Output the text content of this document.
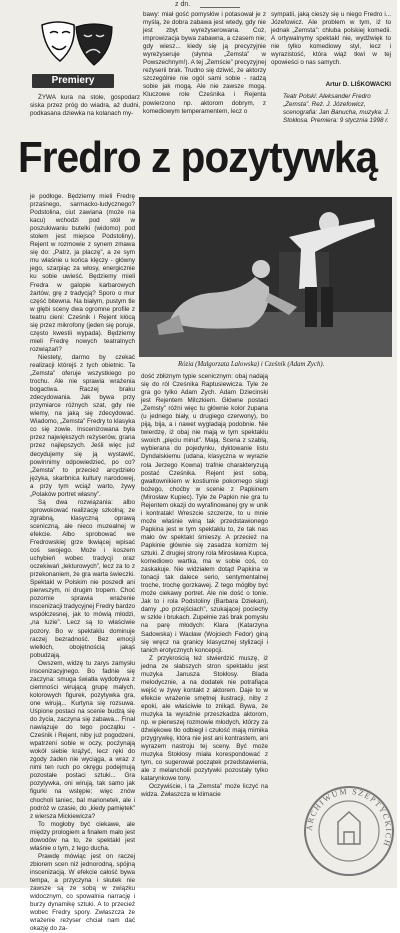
z dn.
Premiery

ŻYWA kura na stole, gospodarz siska przez próg do wiadra, aż dudni, podkasana dziewka na kolanach my-

bawy: miał gość pomysłów i potasował je z myślą, że dobra zabawa jest wtedy, gdy nie jest zbyt wyreżyserowana. Coż, improwizacja bywa zabawna, a czasem nie; gdy wiesz... kiedy się ją precyzyjnie wyreżyseruje (słynna „Zemsta” w Powszechnym!). A tej „Zemście” precyzyjnej reżyserii brak. Trudno się dziwić, że aktorzy szczególnie nie ogól sami sobie - radzą sobie jak mogą. Ale nie zawsze mogą. Kluczowe role Cześnika i Rejenta powierzono np. aktorom dobrym, z komediowym temperamentem, lecz o

sympatii, jaką cieszy się u niego Fredro i... Józefowicz. Ale problem w tym, iż to jednak „Zemsta”: chluba polskiej komedii. A ortywalnymy spektakl nie, wydźwięk to nie tylko komediowy styl, lecz i wyrazistość, która wiąż tkwi w tej opowieści o nas samych.

Artur D. LIŚKOWACKI
Teatr Polski: Aleksander Fredro „Zemsta”. Reż. J. Józefowicz, scenografia: Jan Banucha, muzyka: J. Stokłosa. Premiera: 9 stycznia 1998 r.
Fredro z pozytywką

je podłoge. Będziemy mieli Fredrę przaśnego, sarmacko-ludycznego? Podstolina, ciut zawiana (może na kacu) wchodzi pod stół w poszukiwaniu butelki (widomo) pod stołem jest miejsce Podstoliny), Rejent w rozmowie z synem zmawa się do: „Patrz, ja placzę”, a ze sym mu właśnie u końca klęczy - główny jego, szarpiąc za włosy, energicznie ku sobie uwieść. Będziemy mieli Fredra w galopie karbarowych żartów, grę z tradycją? Sporo o mur część bitewna. Na białym, pustym tle w głębi sceny dwa ogromne profile z teatru cieni: Cześnik i Rejent kłócą się przez mikrofony (jeden się poruje, często kwestii wypada). Będziemy mieli Fredrę nowych teatralnych rozwiązań?

Niestety, darmo by czekać realizacji którejś z tych obietnic. Ta „Zemsta” oferuje wszystkiego po trochu. Ale nie sprawia wrażenia bogactwa. Raczej braku zdecydowania. Jak bywa przy przymiarce różnych szat, gdy nie wiemy, na jaką się zdecydować. Wiadomo, „Zemsta” Fredry to klasyka co się zowie. Inscenizowana była przez największych reżyserów, grana przez najlepszych. Jeśli więc już decydujemy się ją wystawić, powinnimy odpowiedzieć, po co?„Zemsta” to przecież arcydzieło języka, skarbnica kultury narodowej, a przy tym wciąż warto, żywy „Polaków portret własny”.

Są dwa rozwiązania: albo sprowokować realizację szkolną; ze zgrabną, klasyczną oprawą sceniczną, ale nieco muzealnej w efekcie. Albo sprobować we Fredrowskiej grze tkwiącej wpisać coś swojego. Może i koszem uchybień wobec tradycji oraz oczekiwań „lekturowych”, lecz za to z przekonaniem, że gra warta świeczki. Spektakl w Polskim nie poszedł ani pierwszym, ni drugim tropem. Choć pozornie sprawia wrażenie inscenizacji tradycyjnej Fredry bardzo współczesnej, jak to mówią młodzi, „na luzie”. Lecz są to właściwie pozory. Bo w spektaklu dominuje raczej bezradność. Bez emocji wielkich, obojętnością jakąś pobudzają.

Owszem, widzę tu zarys zamysłu inscenizacyjnego. Bo fadnie się zaczyna: smuga światła wydobywa z ciemności wirującą grupę małych, kolorowych figurek, pozytywka gra, one wirują... Kurtyna się rozsuwa. Uśpione postaci na scenie budzą się do życia, zaczyna się zabawa... Finał nawiązuje do tego początku - Cześnik i Rejent, niby już pogodzeni, wpatrzeni sobie w oczy, pocżynają wokół siebie krążyć, lecz ręki do zgody żaden nie wyciąga, a wraz z nimi ten ruch po okręgu podejmują pozostałe postaci sztuki... Gra pozytywka, oni wirują, tak samo jak figurki na wstępie; więc znów chocholi taniec, bal marionetek, ale i podróż w czasie, do „kiedy pamiętek” z wiersza Mickiewicza?

To mogłoby być ciekawe, ale między prologiem a finałem mało jest dowodów na to, że spektakl jest właśnie o tym, z tego ducha.

Prawdę mówiąc jest on raczej zbiorem scen niż jednorodną, spójną inscenizacją. W efekcie całość bywa tempa, a przyczyna i skutek nie zawsze są ze sobą w związku widocznym, co spowalnia narrację i burzy dynamikę sztuki. A to przecież wobec Fredry spory. Zwłaszcza że wrażenie reżyser chciał nam dać okazję do za-

Rózia (Małgorzata Lalowska) i Cześnik (Adam Zych).

dość zbłiznym typie scenicznym: obaj nadają się do ról Cześnika Raptusiewicza. Tyle że gra go tylko Adam Zych. Adam Dziecinski jest Rejentem Milczkiem. Główne postaci „Zemsty” róźni więc tu głównie kolor żupana (u jednego biały, u drugiego czerwony), bo piją, bija, a i nawet wygladają podobnie. Nie twierdzę, iż obaj nie mają w tym spektaklu swoich „pięciu minut”. Mają. Scena z szablą, wybierana do pojedynku, dyktowanie listu Dyndalskiemu (udana, klasyczna w wyrazie rola Jerzego Kowna) trafnie charakteryzują postać Cześnika. Rejent jest sobą, gwałtownikiem w kostiumie pokornego sługi bożego, choćby w scenie z Papkinem (Mirosław Kupiec). Tyle że Papkin nie gra tu Rejentem okazji do wyrafinowanej gry w unik i kontratak! Wreszcie szczerze, to u mnie może właśnie winą tak przedstawionego Papkina jest w tym spektaklu to, że tak nas mało ów spektakl śmieszy. A przecież na Papkinie głównie się zasadza komizm tej sztuki. Z drugiej strony rola Mirosława Kupca, komediowo wartka, ma w sobie coś, co zaskakuje. Nie widziałem dotąd Papkina w tonacji tak dalece serio, sentymentalnej troche, trochę gorzkawej. Z tego mógłby być może ciekawy portret. Ale nie dość o tonie. Jak to i rola Podstoliny (Barbara Dziekan), damy „po przejściach”, szukającej pociechy w szkle i brukach. Zupełnie zaś brak pomysłu na parę młodych: Klara (Katarzyna Sadowska) i Wacław (Wojciech Fedor) giną się wręcz na granicy klasycznej stylizacji i tanich erotycznych koncepcji.

Z przykrością też stwierdzić muszę, iż jedna ze słabszych stron spektaklu jest muzyka Janusza Stokłosy. Blada melodycznie, a na dodatek nie potrafiąca wejść w żywy kontakt z aktorem. Daje to w efekcie wrażenie smętnej ilustracji, niby z epoki, ale właściwie to znikąd. Bywa, że muzyka ta wyraźnie przeszkadza aktorom, np. w pierwszej rozmowie młodych, którzy za dźwiękowe tło odbiegł i czułość mają mimika przygrywkę, która nie jest ani kontrastem, ani wyrazem nastroju tej sceny. Być może muzyka Stokłosy miała korespondować z tym, co sugerował początek przedstawienia, ale z melancholii pozytywki pozostały tylko katarynkowe tony.

Oczywiście, i ta „Zemsta” może liczyć na widza. Zwłaszcza w klimacie

ARCHIWUM SZEPTYCKICH
